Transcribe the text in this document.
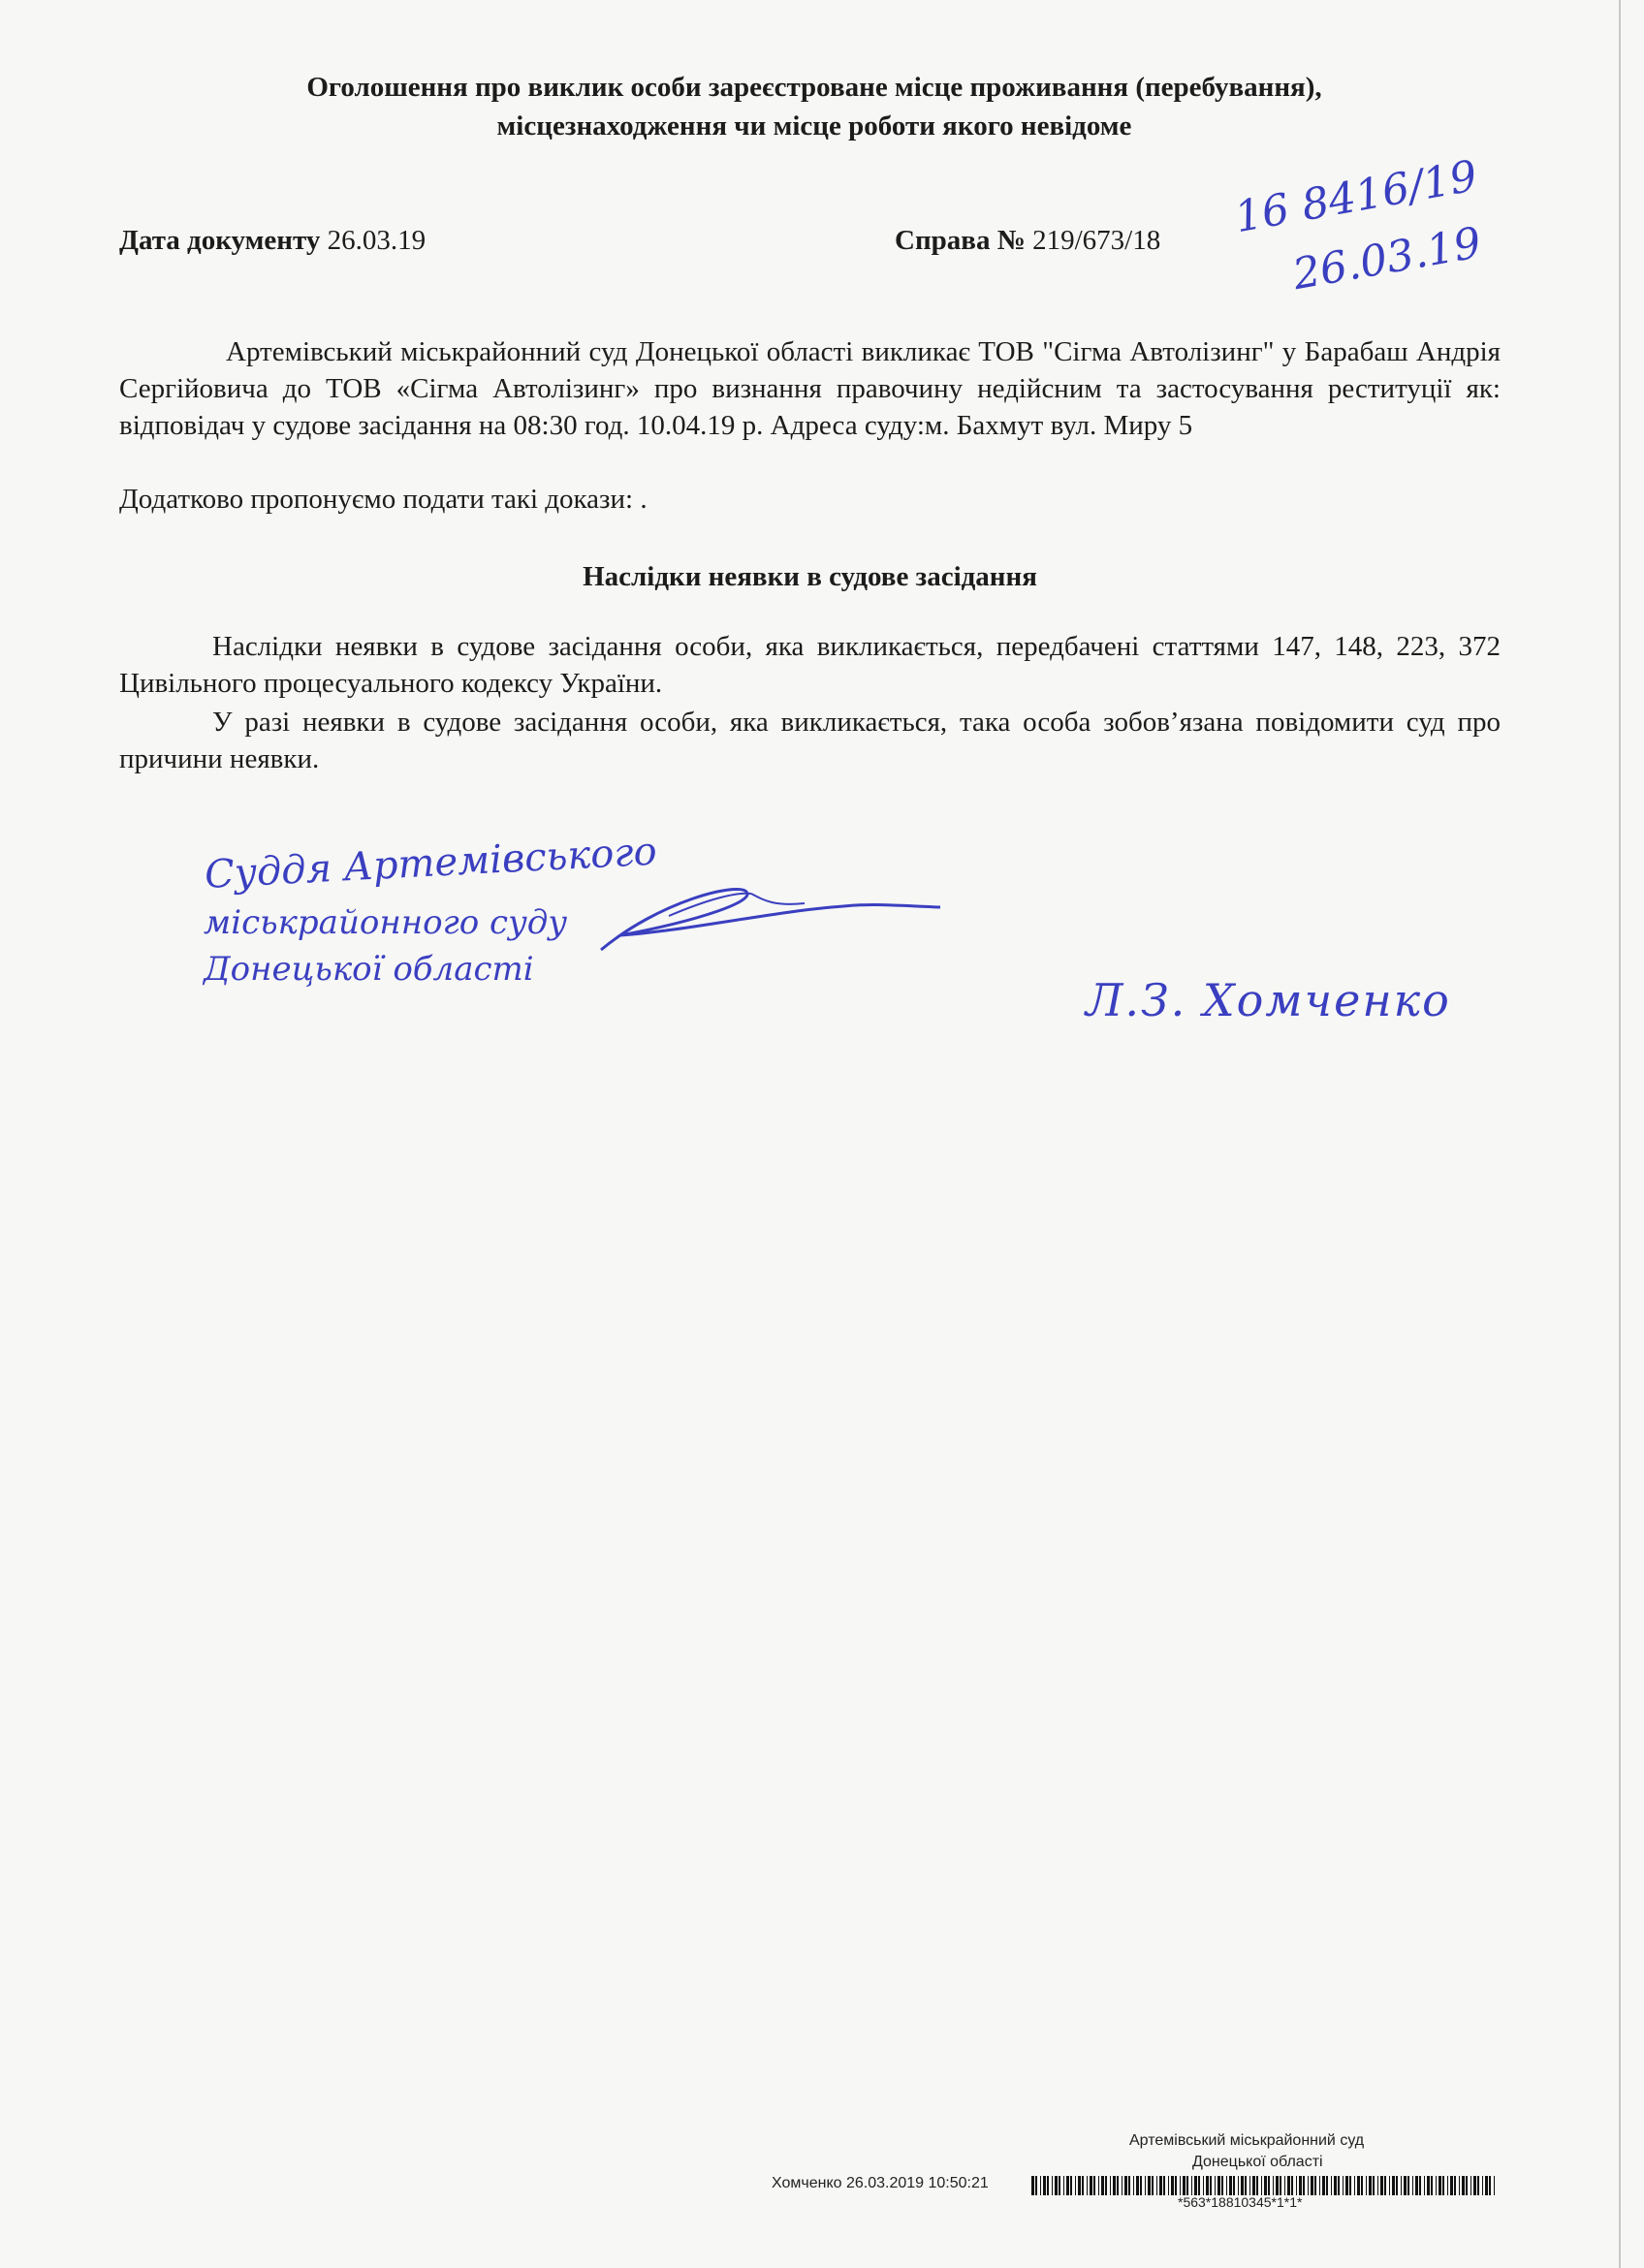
Оголошення про виклик особи зареєстроване місце проживання (перебування),
місцезнаходження чи місце роботи якого невідоме
Дата документу 26.03.19	Справа № 219/673/18 16 8416/19
26.03.19
Артемівський міськрайонний суд Донецької області викликає ТОВ "Сігма Автолізинг" у Барабаш Андрія Сергійовича до ТОВ «Сігма Автолізинг» про визнання правочину недійсним та застосування реституції як: відповідач у судове засідання на 08:30 год. 10.04.19 р. Адреса суду:м. Бахмут вул. Миру 5
Додатково пропонуємо подати такі докази: .
Наслідки неявки в судове засідання
Наслідки неявки в судове засідання особи, яка викликається, передбачені статтями 147, 148, 223, 372 Цивільного процесуального кодексу України.
У разі неявки в судове засідання особи, яка викликається, така особа зобов’язана повідомити суд про причини неявки.
Суддя Артемівського
міськрайонного суду
Донецької області
Л.З. Хомченко
Артемівський міськрайонний суд
Донецької області
Хомченко 26.03.2019 10:50:21
*563*18810345*1*1*
